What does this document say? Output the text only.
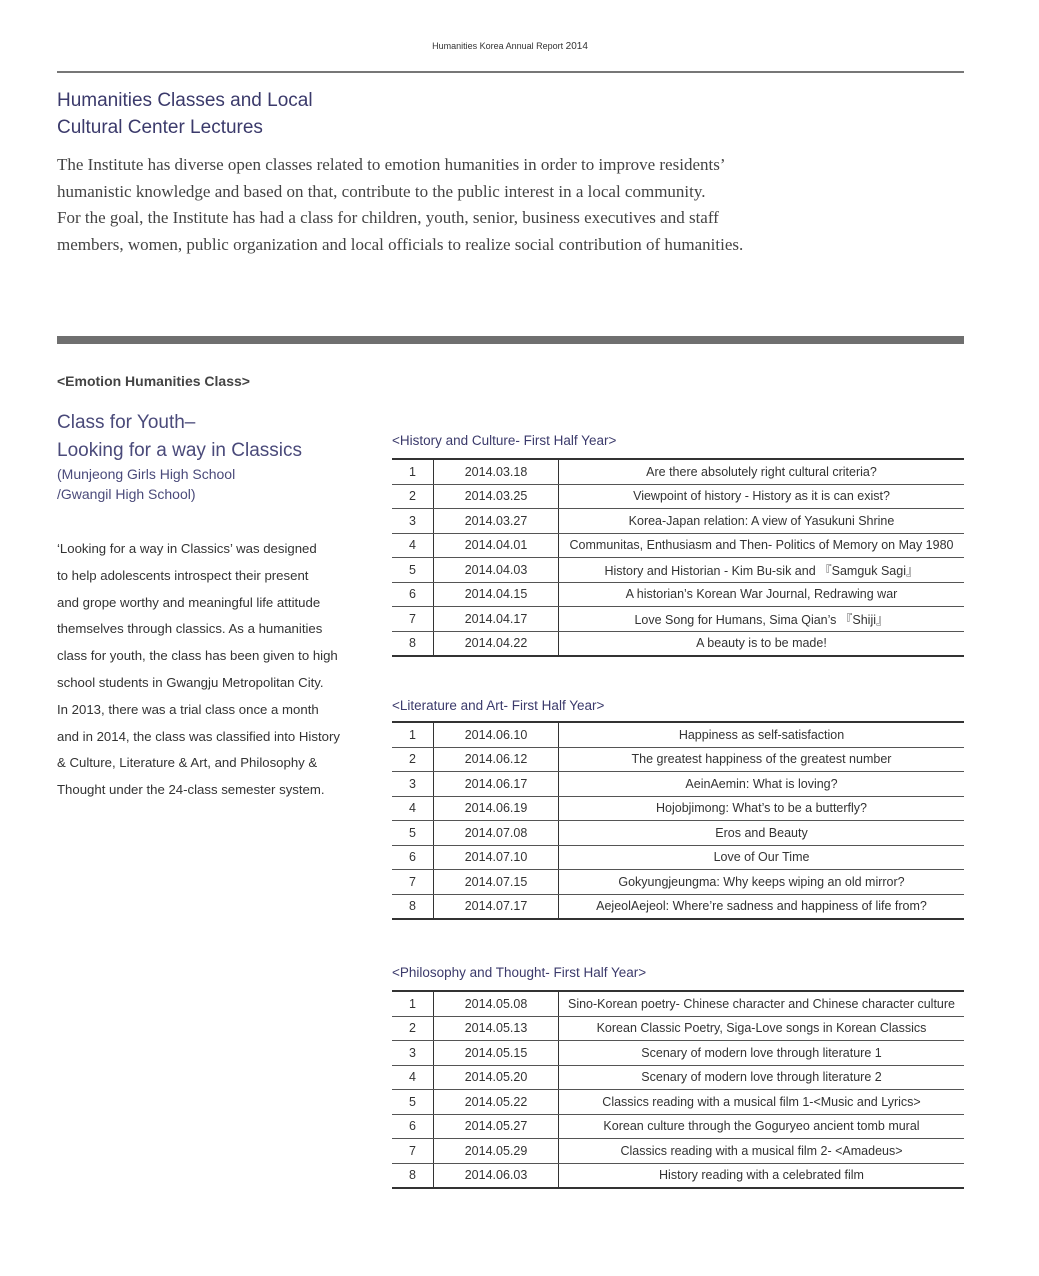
Humanities Korea Annual Report 2014
Humanities Classes and Local
Cultural Center Lectures

The Institute has diverse open classes related to emotion humanities in order to improve residents’

humanistic knowledge and based on that, contribute to the public interest in a local community.

For the goal, the Institute has had a class for children, youth, senior, business executives and staff

members, women, public organization and local officials to realize social contribution of humanities.

<Emotion Humanities Class>
Class for Youth–
Looking for a way in Classics
(Munjeong Girls High School
/Gwangil High School)

‘Looking for a way in Classics’ was designed

to help adolescents introspect their present

and grope worthy and meaningful life attitude

themselves through classics. As a humanities

class for youth, the class has been given to high

school students in Gwangju Metropolitan City.

In 2013, there was a trial class once a month

and in 2014, the class was classified into History

& Culture, Literature & Art, and Philosophy &

Thought under the 24-class semester system.

<History and Culture- First Half Year>
1	2014.03.18	Are there absolutely right cultural criteria?
2	2014.03.25	Viewpoint of history - History as it is can exist?
3	2014.03.27	Korea-Japan relation: A view of Yasukuni Shrine
4	2014.04.01	Communitas, Enthusiasm and Then- Politics of Memory on May 1980
5	2014.04.03	History and Historian - Kim Bu-sik and 『Samguk Sagi』
6	2014.04.15	A historian’s Korean War Journal, Redrawing war
7	2014.04.17	Love Song for Humans, Sima Qian’s 『Shiji』
8	2014.04.22	A beauty is to be made!
<Literature and Art- First Half Year>
1	2014.06.10	Happiness as self-satisfaction
2	2014.06.12	The greatest happiness of the greatest number
3	2014.06.17	AeinAemin: What is loving?
4	2014.06.19	Hojobjimong: What’s to be a butterfly?
5	2014.07.08	Eros and Beauty
6	2014.07.10	Love of Our Time
7	2014.07.15	Gokyungjeungma: Why keeps wiping an old mirror?
8	2014.07.17	AejeolAejeol: Where’re sadness and happiness of life from?
<Philosophy and Thought- First Half Year>
1	2014.05.08	Sino-Korean poetry- Chinese character and Chinese character culture
2	2014.05.13	Korean Classic Poetry, Siga-Love songs in Korean Classics
3	2014.05.15	Scenary of modern love through literature 1
4	2014.05.20	Scenary of modern love through literature 2
5	2014.05.22	Classics reading with a musical film 1-<Music and Lyrics>
6	2014.05.27	Korean culture through the Goguryeo ancient tomb mural
7	2014.05.29	Classics reading with a musical film 2- <Amadeus>
8	2014.06.03	History reading with a celebrated film
